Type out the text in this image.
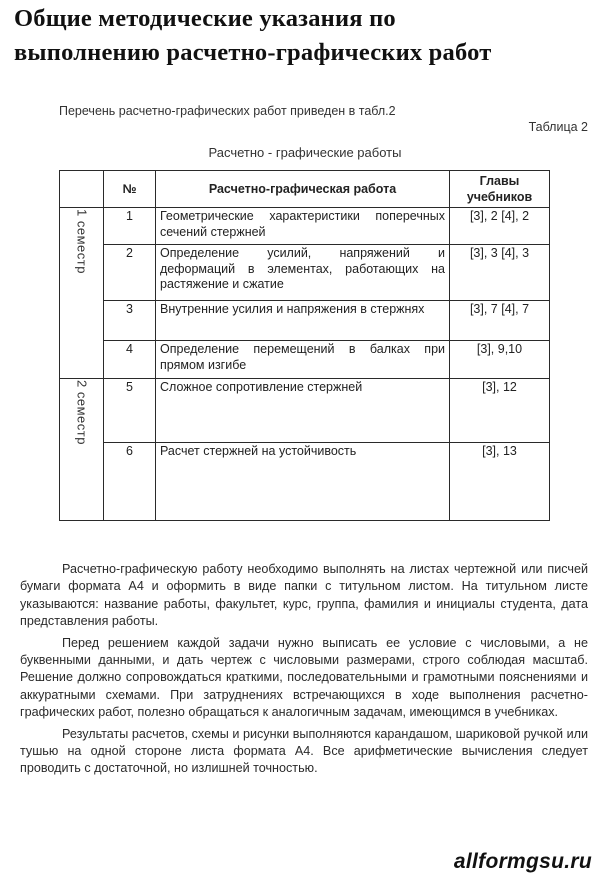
Общие методические указания по
выполнению расчетно-графических работ
Перечень расчетно-графических работ приведен в табл.2
Таблица 2
Расчетно - графические работы
	№	Расчетно-графическая работа	Главы учебников
1 семестр	1	Геометрические характеристики поперечных сечений стержней	[3], 2 [4], 2
	2	Определение усилий, напряжений и деформаций в элементах, работающих на растяжение и сжатие	[3], 3 [4], 3
	3	Внутренние усилия и напряжения в стержнях	[3], 7 [4], 7
	4	Определение перемещений в балках при прямом изгибе	[3], 9,10
2 семестр	5	Сложное сопротивление стержней	[3], 12
	6	Расчет стержней на устойчивость	[3], 13

Расчетно-графическую работу необходимо выполнять на листах чертежной или писчей бумаги формата А4 и оформить в виде папки с титульном листом. На титульном листе указываются: название работы, факультет, курс, группа, фамилия и инициалы студента, дата представления работы.

Перед решением каждой задачи нужно выписать ее условие с числовыми, а не буквенными данными, и дать чертеж с числовыми размерами, строго соблюдая масштаб. Решение должно сопровождаться краткими, последовательными и грамотными пояснениями и аккуратными схемами. При затруднениях встречающихся в ходе выполнения расчетно-графических работ, полезно обращаться к аналогичным задачам, имеющимся в учебниках.

Результаты расчетов, схемы и рисунки выполняются карандашом, шариковой ручкой или тушью на одной стороне листа формата А4. Все арифметические вычисления следует проводить с достаточной, но излишней точностью.

allformgsu.ru
